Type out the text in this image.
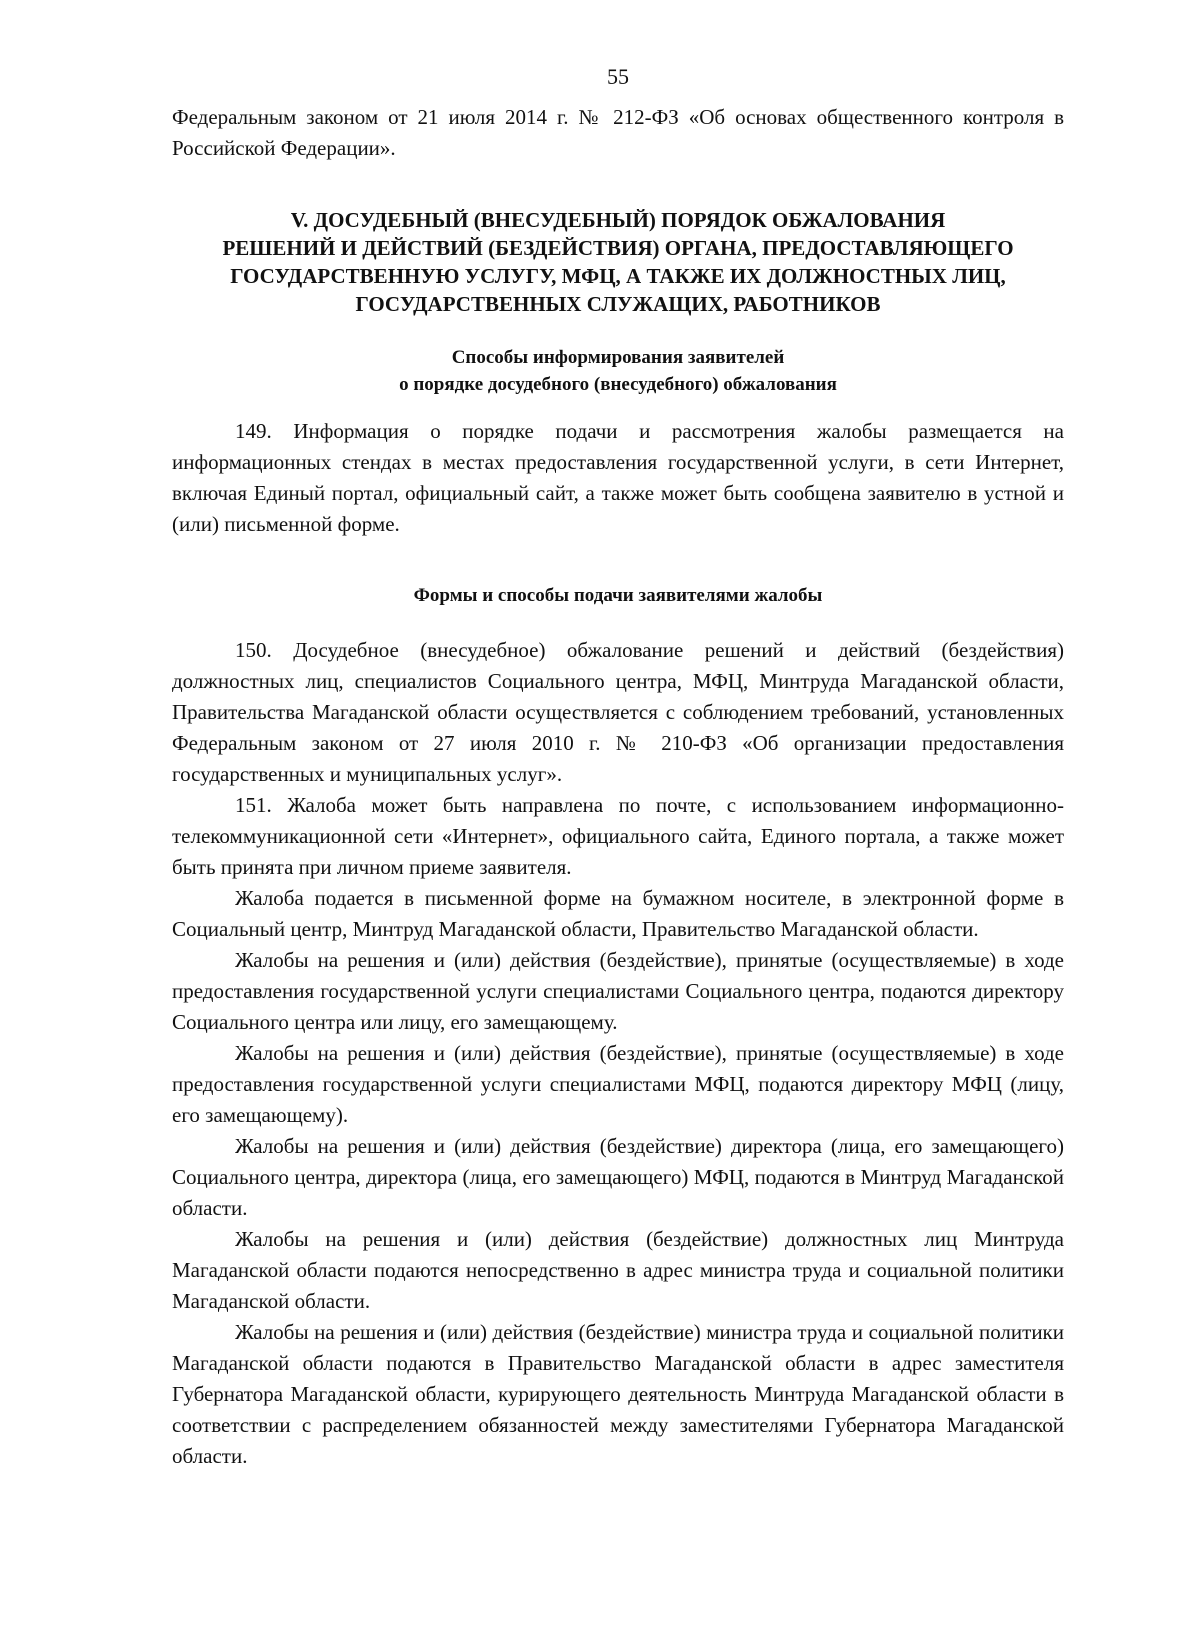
55

Федеральным законом от 21 июля 2014 г. № 212-ФЗ «Об основах общественного контроля в Российской Федерации».

V. ДОСУДЕБНЫЙ (ВНЕСУДЕБНЫЙ) ПОРЯДОК ОБЖАЛОВАНИЯ
РЕШЕНИЙ И ДЕЙСТВИЙ (БЕЗДЕЙСТВИЯ) ОРГАНА, ПРЕДОСТАВЛЯЮЩЕГО
ГОСУДАРСТВЕННУЮ УСЛУГУ, МФЦ, А ТАКЖЕ ИХ ДОЛЖНОСТНЫХ ЛИЦ,
ГОСУДАРСТВЕННЫХ СЛУЖАЩИХ, РАБОТНИКОВ
Способы информирования заявителей
о порядке досудебного (внесудебного) обжалования

149. Информация о порядке подачи и рассмотрения жалобы размещается на информационных стендах в местах предоставления государственной услуги, в сети Интернет, включая Единый портал, официальный сайт, а также может быть сообщена заявителю в устной и (или) письменной форме.

Формы и способы подачи заявителями жалобы

150. Досудебное (внесудебное) обжалование решений и действий (бездействия) должностных лиц, специалистов Социального центра, МФЦ, Минтруда Магаданской области, Правительства Магаданской области осуществляется с соблюдением требований, установленных Федеральным законом от 27 июля 2010 г. № 210-ФЗ «Об организации предоставления государственных и муниципальных услуг».

151. Жалоба может быть направлена по почте, с использованием информационно-телекоммуникационной сети «Интернет», официального сайта, Единого портала, а также может быть принята при личном приеме заявителя.

Жалоба подается в письменной форме на бумажном носителе, в электронной форме в Социальный центр, Минтруд Магаданской области, Правительство Магаданской области.

Жалобы на решения и (или) действия (бездействие), принятые (осуществляемые) в ходе предоставления государственной услуги специалистами Социального центра, подаются директору Социального центра или лицу, его замещающему.

Жалобы на решения и (или) действия (бездействие), принятые (осуществляемые) в ходе предоставления государственной услуги специалистами МФЦ, подаются директору МФЦ (лицу, его замещающему).

Жалобы на решения и (или) действия (бездействие) директора (лица, его замещающего) Социального центра, директора (лица, его замещающего) МФЦ, подаются в Минтруд Магаданской области.

Жалобы на решения и (или) действия (бездействие) должностных лиц Минтруда Магаданской области подаются непосредственно в адрес министра труда и социальной политики Магаданской области.

Жалобы на решения и (или) действия (бездействие) министра труда и социальной политики Магаданской области подаются в Правительство Магаданской области в адрес заместителя Губернатора Магаданской области, курирующего деятельность Минтруда Магаданской области в соответствии с распределением обязанностей между заместителями Губернатора Магаданской области.
